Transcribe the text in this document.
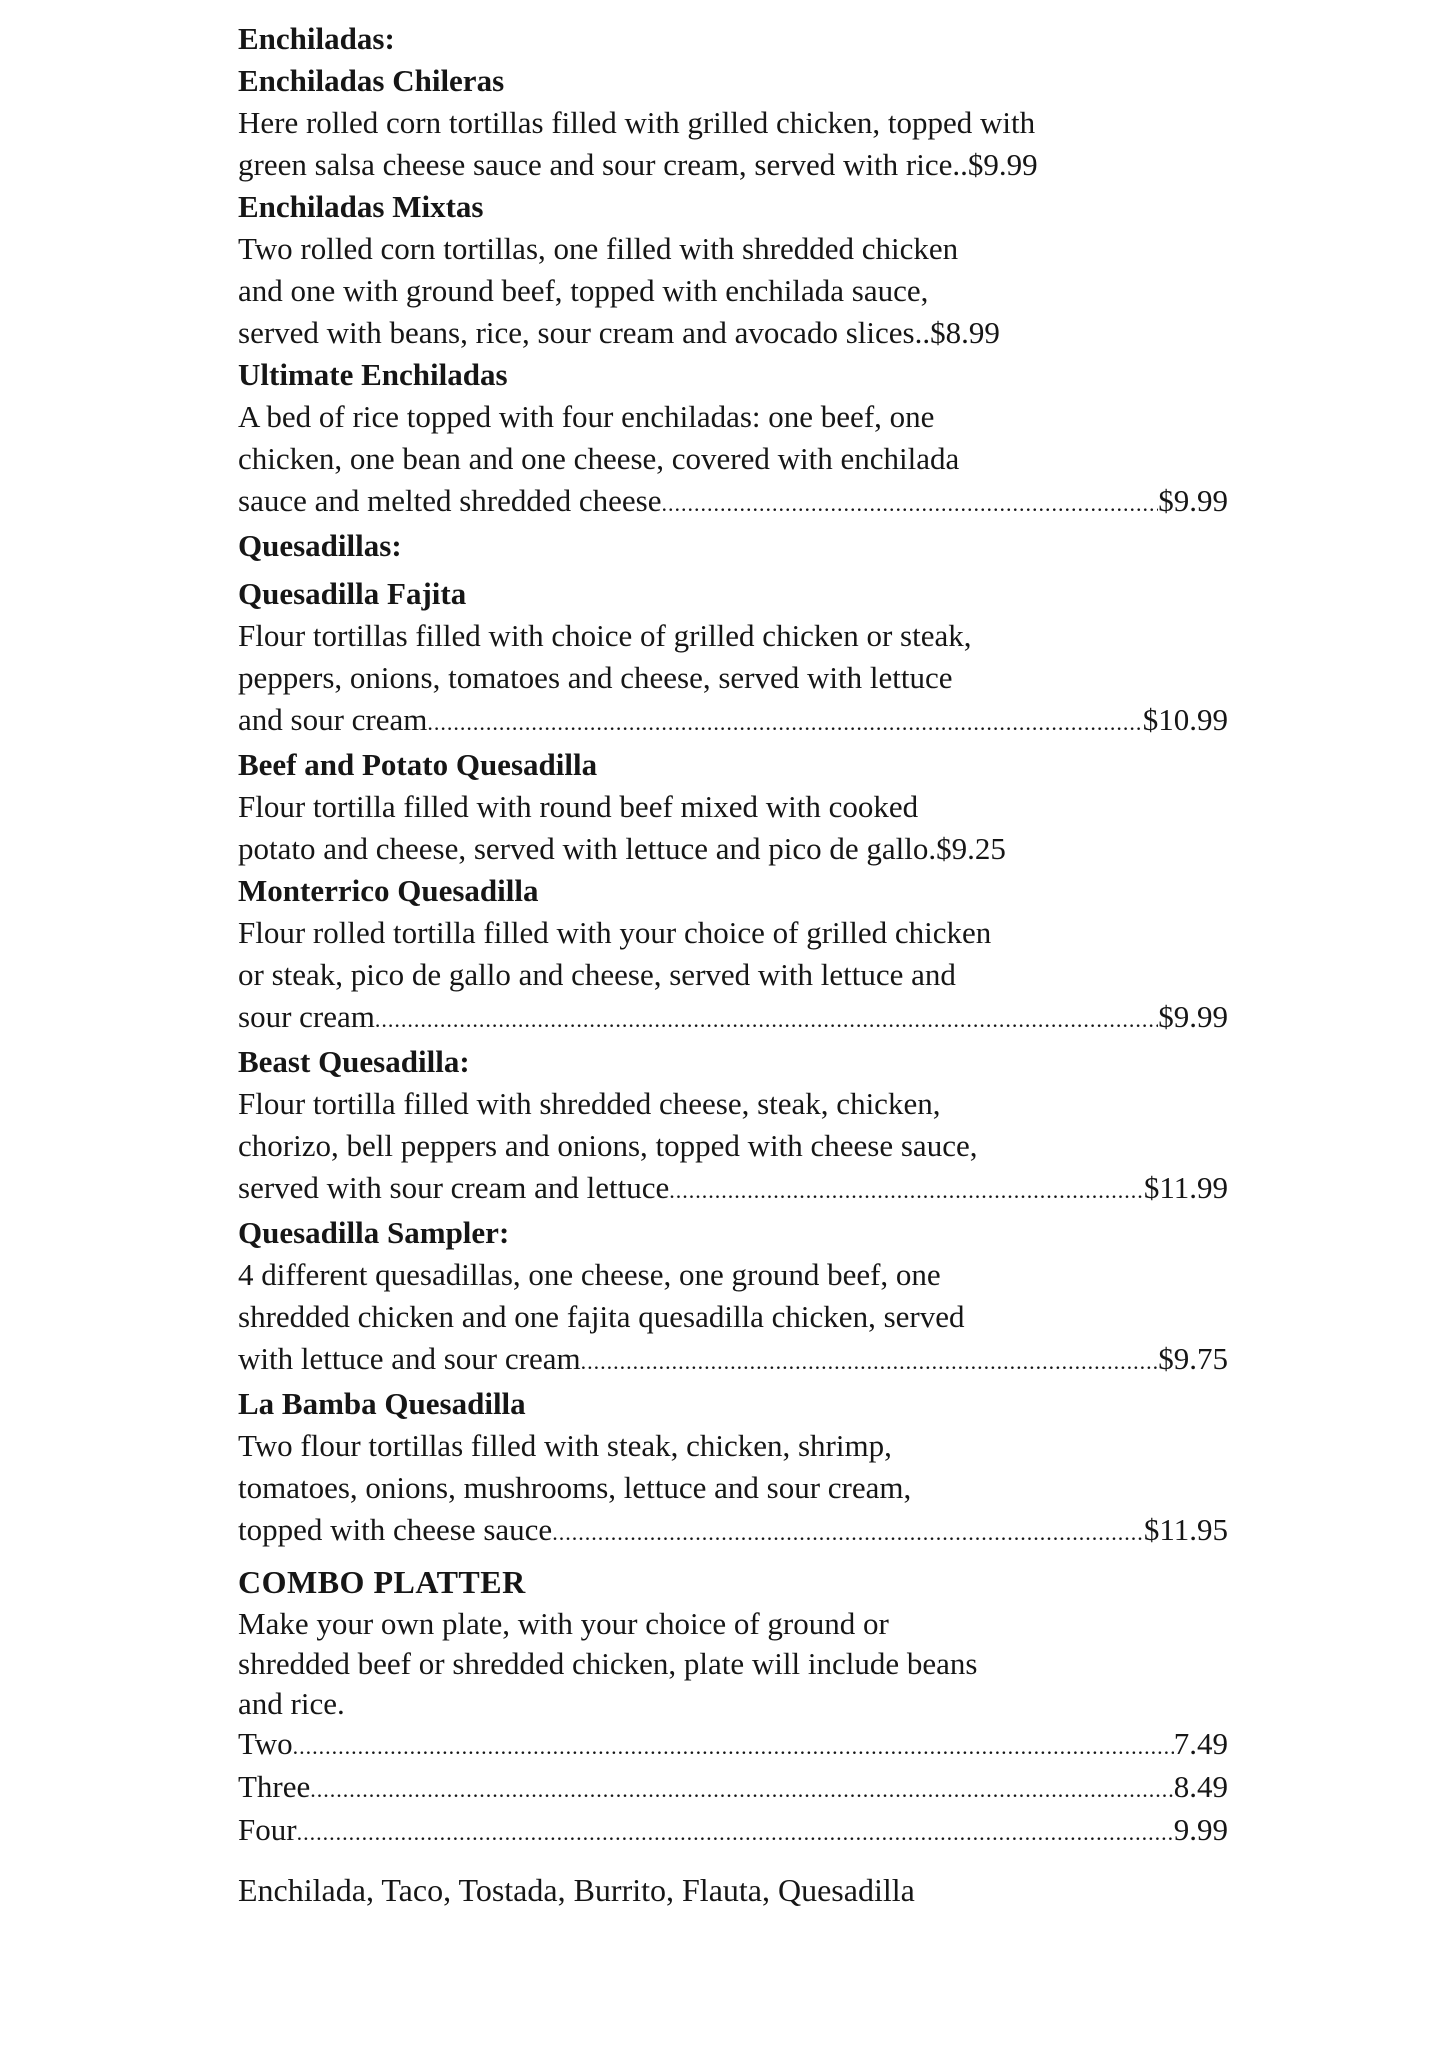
Enchiladas:
Enchiladas Chileras
Here rolled corn tortillas filled with grilled chicken, topped with
green salsa cheese sauce and sour cream, served with rice .. $9.99
Enchiladas Mixtas
Two rolled corn tortillas, one filled with shredded chicken
and one with ground beef, topped with enchilada sauce,
served with beans, rice, sour cream and avocado slices .. $8.99
Ultimate Enchiladas
A bed of rice topped with four enchiladas: one beef, one
chicken, one bean and one cheese, covered with enchilada
sauce and melted shredded cheese .....	$9.99
Quesadillas:
Quesadilla Fajita
Flour tortillas filled with choice of grilled chicken or steak,
peppers, onions, tomatoes and cheese, served with lettuce
and sour cream .....	$10.99
Beef and Potato Quesadilla
Flour tortilla filled with round beef mixed with cooked
potato and cheese, served with lettuce and pico de gallo. $9.25
Monterrico Quesadilla
Flour rolled tortilla filled with your choice of grilled chicken
or steak, pico de gallo and cheese, served with lettuce and
sour cream .....	$9.99
Beast Quesadilla:
Flour tortilla filled with shredded cheese, steak, chicken,
chorizo, bell peppers and onions, topped with cheese sauce,
served with sour cream and lettuce .....	$11.99
Quesadilla Sampler:
4 different quesadillas, one cheese, one ground beef, one
shredded chicken and one fajita quesadilla chicken, served
with lettuce and sour cream .....	$9.75
La Bamba Quesadilla
Two flour tortillas filled with steak, chicken, shrimp,
tomatoes, onions, mushrooms, lettuce and sour cream,
topped with cheese sauce .....	$11.95
COMBO PLATTER
Make your own plate, with your choice of ground or
shredded beef or shredded chicken, plate will include beans
and rice.
Two .....	7.49
Three .....	8.49
Four .....	9.99
Enchilada, Taco, Tostada, Burrito, Flauta, Quesadilla
